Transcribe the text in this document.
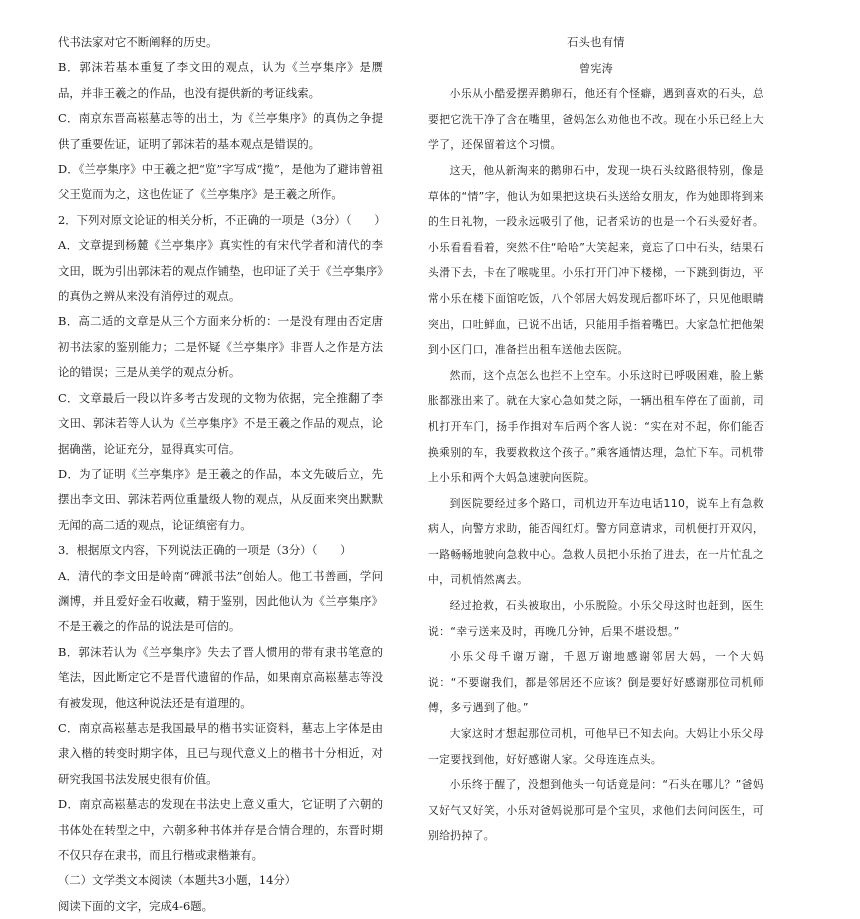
代书法家对它不断阐释的历史。

B．郭沫若基本重复了李文田的观点，认为《兰亭集序》是赝品，并非王羲之的作品，也没有提供新的考证线索。

C．南京东晋高崧墓志等的出土，为《兰亭集序》的真伪之争提供了重要佐证，证明了郭沫若的基本观点是错误的。

D．《兰亭集序》中王羲之把“览”字写成“揽”，是他为了避讳曾祖父王览而为之，这也佐证了《兰亭集序》是王羲之所作。

2．下列对原文论证的相关分析，不正确的一项是（3分）（　　）

A．文章提到杨麓《兰亭集序》真实性的有宋代学者和清代的李文田，既为引出郭沫若的观点作铺垫，也印证了关于《兰亭集序》的真伪之辨从来没有消停过的观点。

B．高二适的文章是从三个方面来分析的：一是没有理由否定唐初书法家的鉴别能力；二是怀疑《兰亭集序》非晋人之作是方法论的错误；三是从美学的观点分析。

C．文章最后一段以许多考古发现的文物为依据，完全推翻了李文田、郭沫若等人认为《兰亭集序》不是王羲之作品的观点，论据确凿，论证充分，显得真实可信。

D．为了证明《兰亭集序》是王羲之的作品，本文先破后立，先摆出李文田、郭沫若两位重量级人物的观点，从反面来突出默默无闻的高二适的观点，论证缜密有力。

3．根据原文内容，下列说法正确的一项是（3分）（　　）

A．清代的李文田是岭南“碑派书法”创始人。他工书善画，学问渊博，并且爱好金石收藏，精于鉴别，因此他认为《兰亭集序》不是王羲之的作品的说法是可信的。

B．郭沫若认为《兰亭集序》失去了晋人惯用的带有隶书笔意的笔法，因此断定它不是晋代遗留的作品，如果南京高崧墓志等没有被发现，他这种说法还是有道理的。

C．南京高崧墓志是我国最早的楷书实证资料，墓志上字体是由隶入楷的转变时期字体，且已与现代意义上的楷书十分相近，对研究我国书法发展史很有价值。

D．南京高崧墓志的发现在书法史上意义重大，它证明了六朝的书体处在转型之中，六朝多种书体并存是合情合理的，东晋时期不仅只存在隶书，而且行楷或隶楷兼有。

（二）文学类文本阅读（本题共3小题，14分）

阅读下面的文字，完成4-6题。

石头也有情

曾宪涛

小乐从小酷爱摆弄鹅卵石，他还有个怪癖，遇到喜欢的石头，总要把它洗干净了含在嘴里，爸妈怎么劝他也不改。现在小乐已经上大学了，还保留着这个习惯。

这天，他从新淘来的鹅卵石中，发现一块石头纹路很特别，像是草体的“情”字，他认为如果把这块石头送给女朋友，作为她即将到来的生日礼物，一段永远吸引了他，记者采访的也是一个石头爱好者。小乐看看看着，突然不住“哈哈”大笑起来，竟忘了口中石头，结果石头滑下去，卡在了喉咙里。小乐打开门冲下楼梯，一下跳到街边，平常小乐在楼下面馆吃饭，八个邻居大妈发现后都吓坏了，只见他眼睛突出，口吐鲜血，已说不出话，只能用手指着嘴巴。大家急忙把他架到小区门口，准备拦出租车送他去医院。

然而，这个点怎么也拦不上空车。小乐这时已呼吸困难，脸上紫胀都涨出来了。就在大家心急如焚之际，一辆出租车停在了面前，司机打开车门，扬手作揖对车后两个客人说：“实在对不起，你们能否换乘别的车，我要救救这个孩子。”乘客通情达理，急忙下车。司机带上小乐和两个大妈急速驶向医院。

到医院要经过多个路口，司机边开车边电话110，说车上有急救病人，向警方求助，能否闯红灯。警方同意请求，司机便打开双闪，一路畅畅地驶向急救中心。急救人员把小乐抬了进去，在一片忙乱之中，司机悄然离去。

经过抢救，石头被取出，小乐脱险。小乐父母这时也赶到，医生说：“幸亏送来及时，再晚几分钟，后果不堪设想。”

小乐父母千谢万谢，千恩万谢地感谢邻居大妈，一个大妈说：“不要谢我们，都是邻居还不应该？倒是要好好感谢那位司机师傅，多亏遇到了他。”

大家这时才想起那位司机，可他早已不知去向。大妈让小乐父母一定要找到他，好好感谢人家。父母连连点头。

小乐终于醒了，没想到他头一句话竟是问：“石头在哪儿？”爸妈又好气又好笑，小乐对爸妈说那可是个宝贝，求他们去问问医生，可别给扔掉了。
